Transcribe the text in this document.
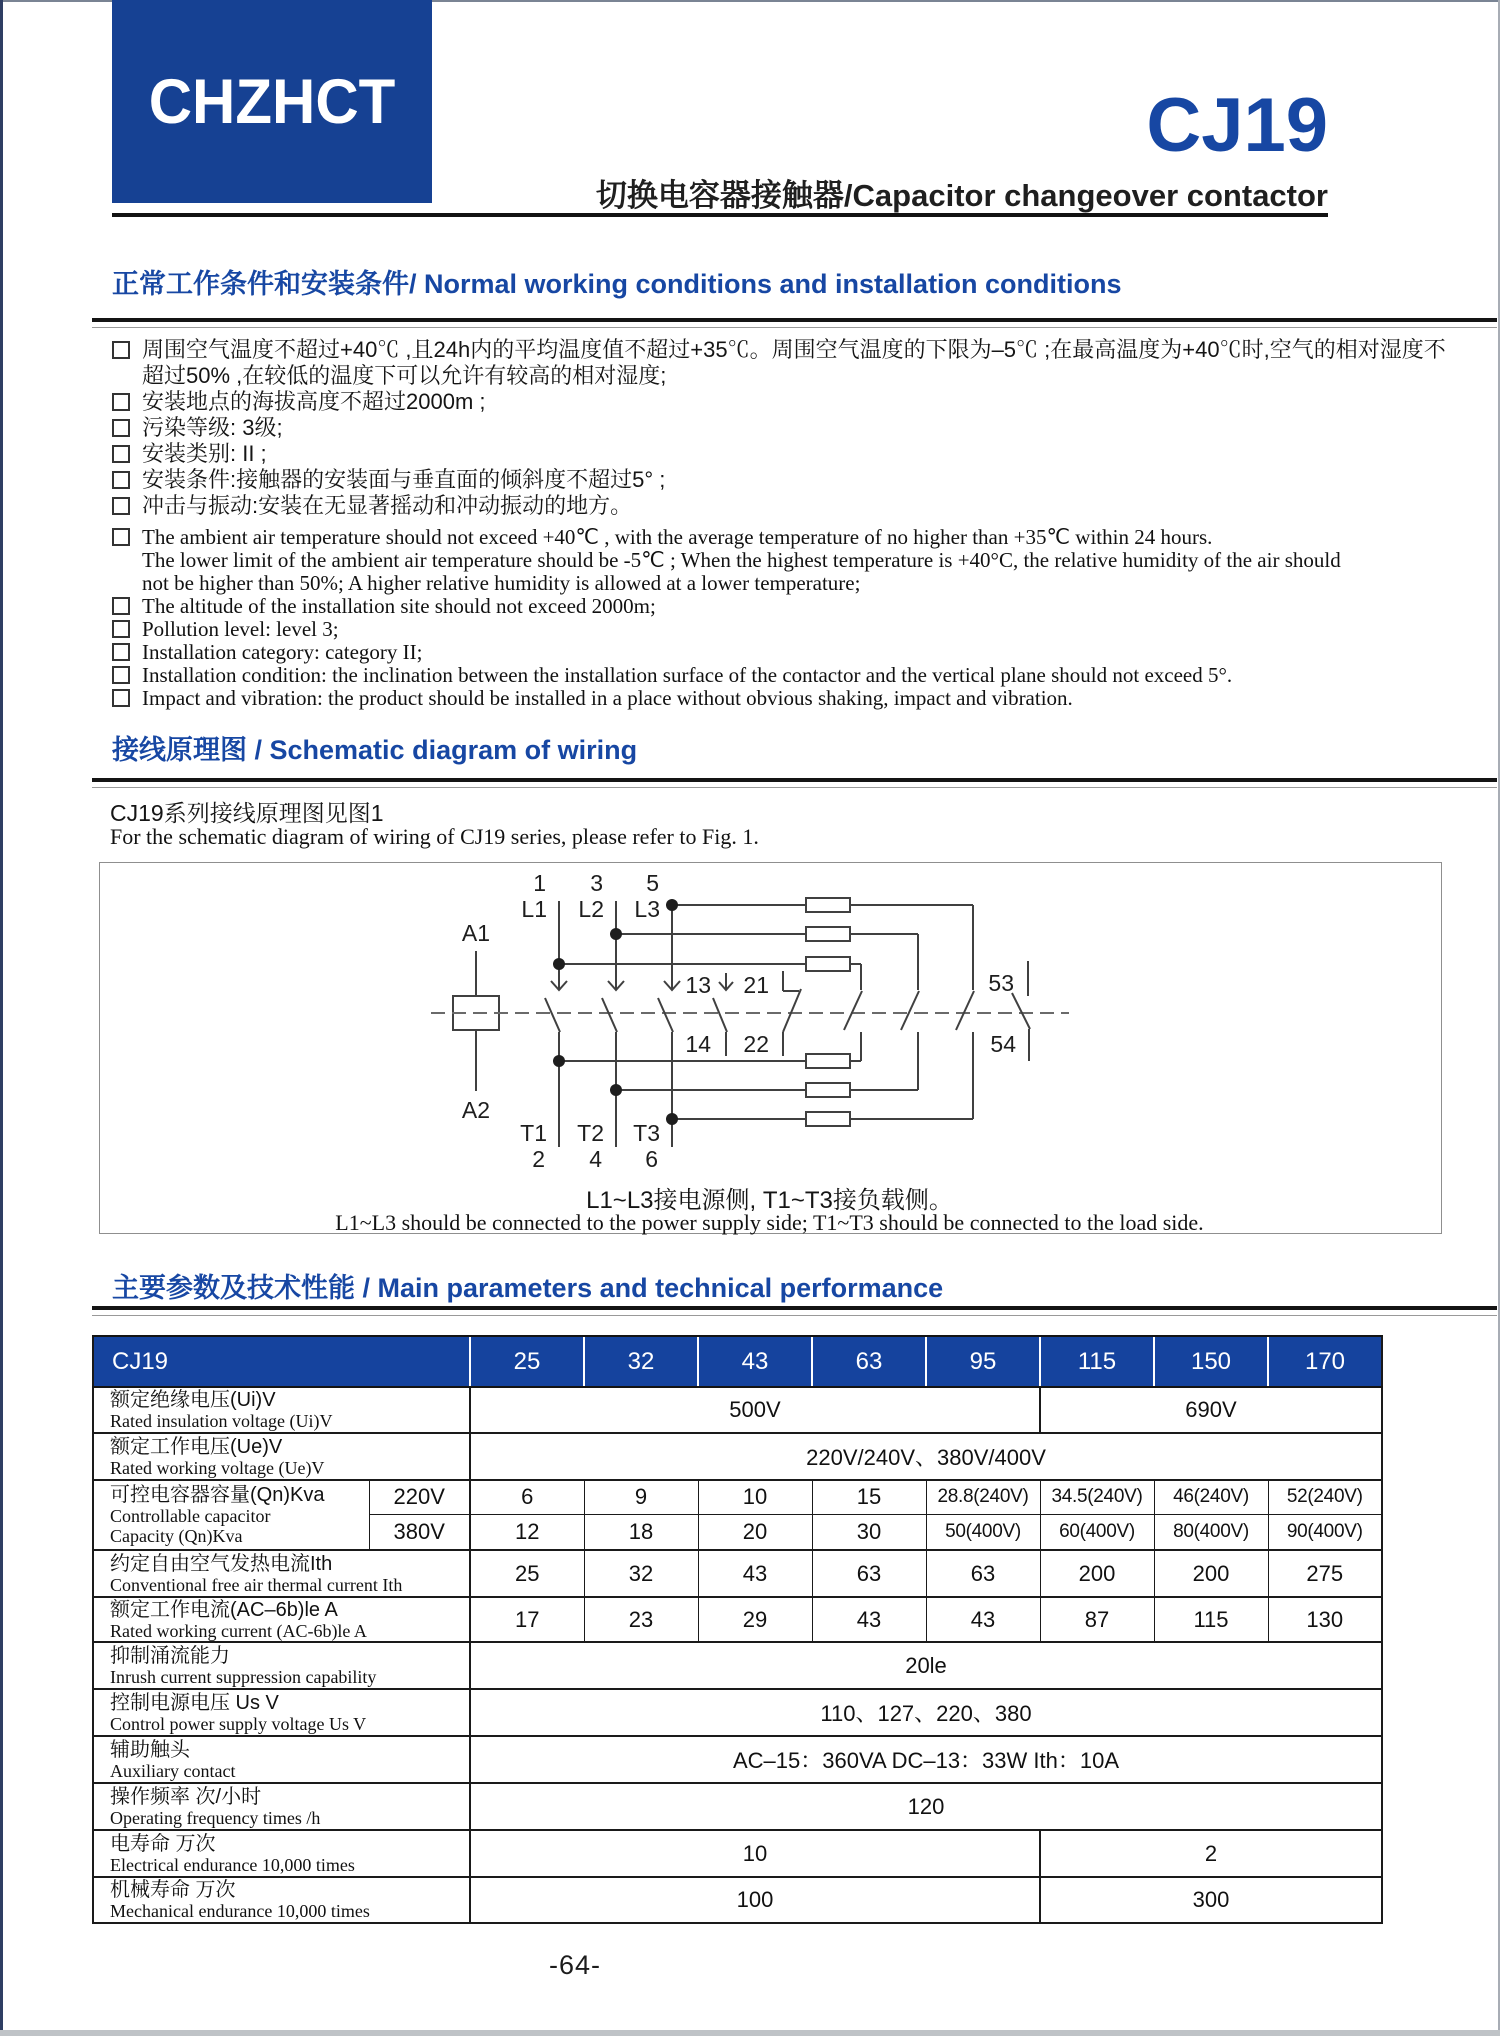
CHZHCT	CJ19
切换电容器接触器/Capacitor changeover contactor
正常工作条件和安装条件/ Normal working conditions and installation conditions
周围空气温度不超过+40℃ ,且24h内的平均温度值不超过+35℃。周围空气温度的下限为–5℃ ;在最高温度为+40℃时,空气的相对湿度不
超过50% ,在较低的温度下可以允许有较高的相对湿度;
安装地点的海拔高度不超过2000m ;
污染等级: 3级;
安装类别: II ;
安装条件:接触器的安装面与垂直面的倾斜度不超过5° ;
冲击与振动:安装在无显著摇动和冲动振动的地方。
The ambient air temperature should not exceed +40℃ , with the average temperature of no higher than +35℃ within 24 hours.
The lower limit of the ambient air temperature should be -5℃ ; When the highest temperature is +40°C, the relative humidity of the air should
not be higher than 50%; A higher relative humidity is allowed at a lower temperature;
The altitude of the installation site should not exceed 2000m;
Pollution level: level 3;
Installation category: category II;
Installation condition: the inclination between the installation surface of the contactor and the vertical plane should not exceed 5°.
Impact and vibration: the product should be installed in a place without obvious shaking, impact and vibration.
接线原理图 / Schematic diagram of wiring
CJ19系列接线原理图见图1
For the schematic diagram of wiring of CJ19 series, please refer to Fig. 1.
A1
A2
1
L1
T1
2
3
L2
T2
4
5
L3
T3
6
13
14
21
22
53
54
L1~L3接电源侧, T1~T3接负载侧。
L1~L3 should be connected to the power supply side; T1~T3 should be connected to the load side.
主要参数及技术性能 / Main parameters and technical performance
CJ19		25	32	43	63	95	115	150	170

额定绝缘电压(Ui)V
Rated insulation voltage (Ui)V		500V					690V		

额定工作电压(Ue)V
Rated working voltage (Ue)V		220V/240V、380V/400V							

可控电容器容量(Qn)Kva
Controllable capacitor
Capacity (Qn)Kva	220V	6	9	10	15	28.8(240V)	34.5(240V)	46(240V)	52(240V)
	380V	12	18	20	30	50(400V)	60(400V)	80(400V)	90(400V)

约定自由空气发热电流Ith
Conventional free air thermal current Ith		25	32	43	63	63	200	200	275

额定工作电流(AC–6b)le A
Rated working current (AC-6b)le A		17	23	29	43	43	87	115	130

抑制涌流能力
Inrush current suppression capability		20le							

控制电源电压 Us V
Control power supply voltage Us V		110、127、220、380							

辅助触头
Auxiliary contact		AC–15：360VA DC–13：33W Ith：10A							

操作频率 次/小时
Operating frequency times /h		120							

电寿命 万次
Electrical endurance 10,000 times		10					2		

机械寿命 万次
Mechanical endurance 10,000 times		100					300		
-64-
